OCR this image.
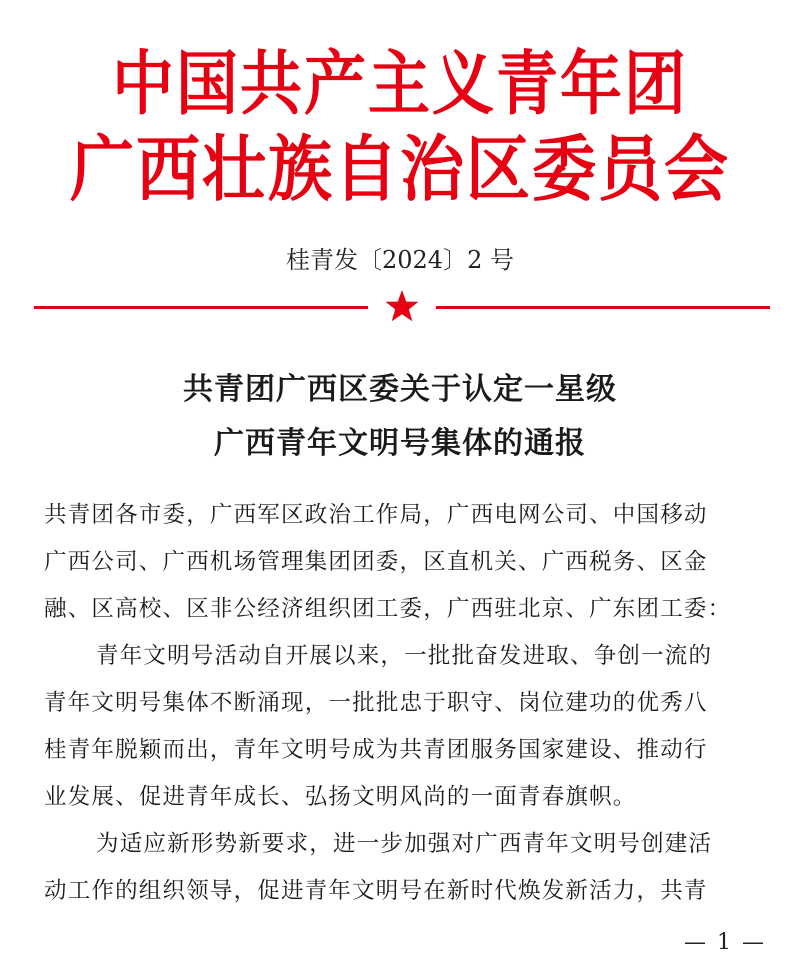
中国共产主义青年团
广西壮族自治区委员会
桂青发〔2024〕2 号
共青团广西区委关于认定一星级
广西青年文明号集体的通报
共青团各市委，广西军区政治工作局，广西电网公司、中国移动
广西公司、广西机场管理集团团委，区直机关、广西税务、区金
融、区高校、区非公经济组织团工委，广西驻北京、广东团工委：
青年文明号活动自开展以来，一批批奋发进取、争创一流的
青年文明号集体不断涌现，一批批忠于职守、岗位建功的优秀八
桂青年脱颖而出，青年文明号成为共青团服务国家建设、推动行
业发展、促进青年成长、弘扬文明风尚的一面青春旗帜。
为适应新形势新要求，进一步加强对广西青年文明号创建活
动工作的组织领导，促进青年文明号在新时代焕发新活力，共青
— 1 —
